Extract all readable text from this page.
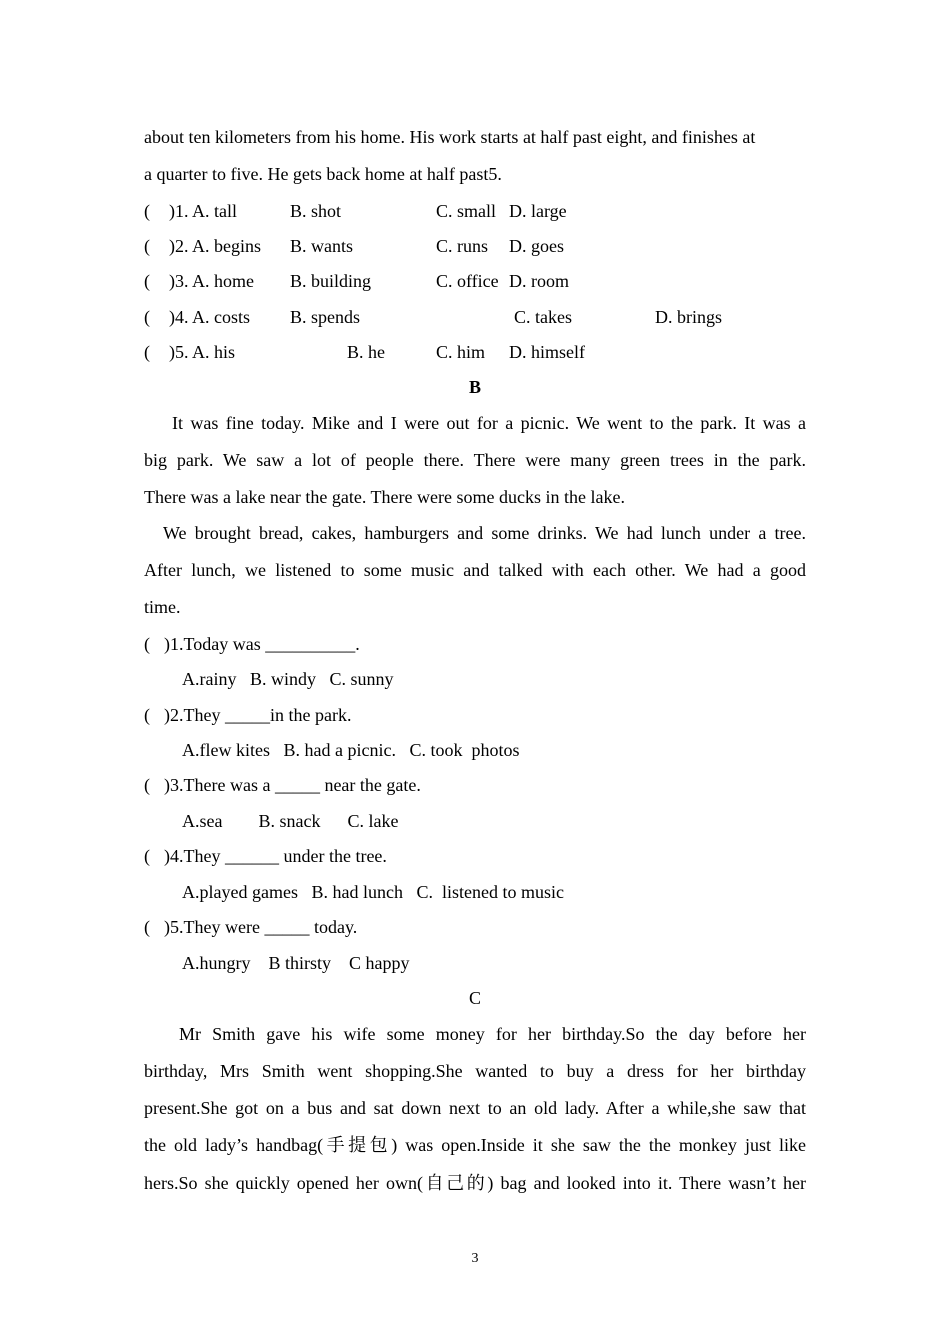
about ten kilometers from his home. His work starts at half past eight, and finishes at
a quarter to five. He gets back home at half past5.
( )1. A. tall	B. shot	C. small D. large
( )2. A. begins B. wants	C. runs D. goes
( )3. A. home B. building	C. office D. room
( )4. A. costs B. spends	C. takes	D. brings
( )5. A. his	B. he	C. him D. himself
B
It was fine today. Mike and I were out for a picnic. We went to the park. It was a
big park. We saw a lot of people there. There were many green trees in the park.
There was a lake near the gate. There were some ducks in the lake.
We brought bread, cakes, hamburgers and some drinks. We had lunch under a tree.
After lunch, we listened to some music and talked with each other. We had a good
time.
( )1.Today was __________.
A.rainy   B. windy   C. sunny
( )2.They _____in the park.
A.flew kites   B. had a picnic.   C. took  photos
( )3.There was a _____ near the gate.
A.sea        B. snack      C. lake
( )4.They ______ under the tree.
A.played games   B. had lunch   C.  listened to music
( )5.They were _____ today.
A.hungry    B thirsty    C happy
C
Mr Smith gave his wife some money for her birthday.So the day before her
birthday, Mrs Smith went shopping.She wanted to buy a dress for her birthday
present.She got on a bus and sat down next to an old lady. After a while,she saw that
the old lady’s handbag(手提包) was open.Inside it she saw the the monkey just like
hers.So she quickly opened her own(自己的) bag and looked into it. There wasn’t her
3
